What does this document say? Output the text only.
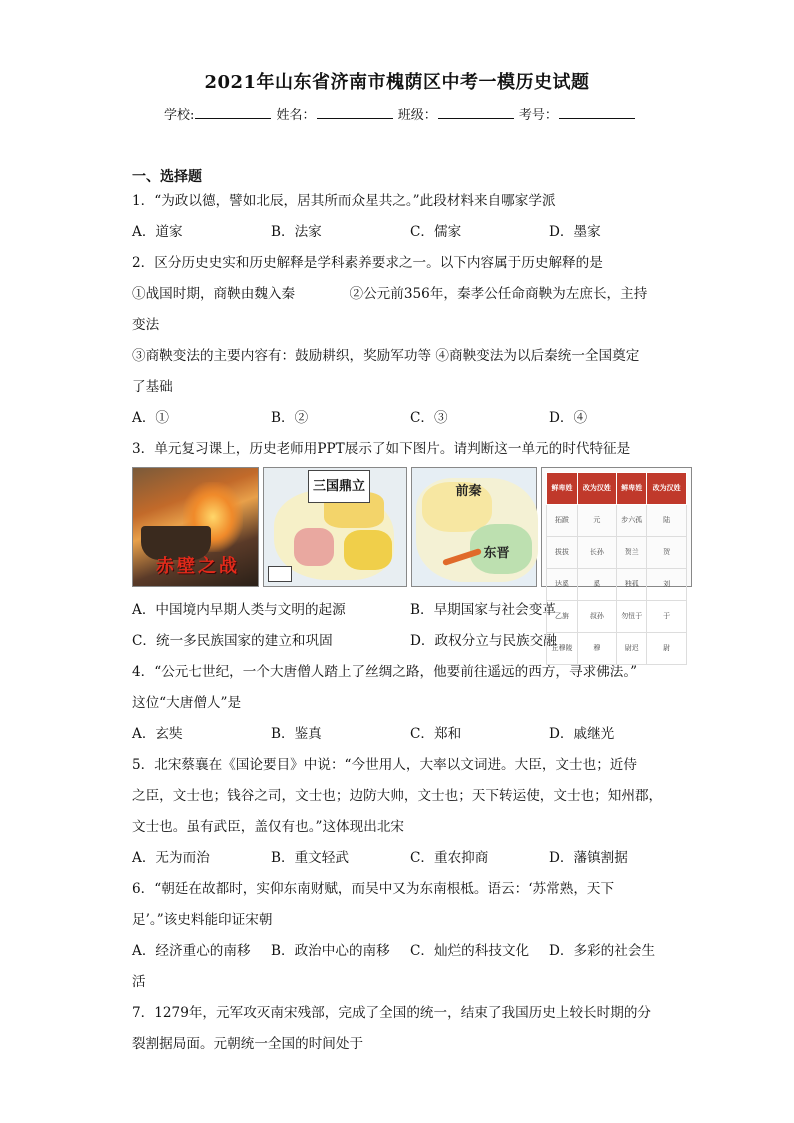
2021年山东省济南市槐荫区中考一模历史试题
学校:	姓名：	班级：	考号：
一、选择题
1．“为政以德，譬如北辰，居其所而众星共之。”此段材料来自哪家学派
A．道家	B．法家	C．儒家	D．墨家
2．区分历史史实和历史解释是学科素养要求之一。以下内容属于历史解释的是
①战国时期，商鞅由魏入秦　　　　②公元前356年，秦孝公任命商鞅为左庶长，主持
变法
③商鞅变法的主要内容有：鼓励耕织，奖励军功等 ④商鞅变法为以后秦统一全国奠定
了基础
A．①	B．②	C．③	D．④
3．单元复习课上，历史老师用PPT展示了如下图片。请判断这一单元的时代特征是
赤壁之战
三国鼎立	前秦
东晋
鲜卑姓	改为汉姓	鲜卑姓	改为汉姓
拓跋	元	步六孤	陆
拔拔	长孙	贺兰	贺
达奚	奚	独孤	刘
乙旃	叔孙	勿忸于	于
丘穆陵	穆	尉迟	尉
A．中国境内早期人类与文明的起源	B．早期国家与社会变革
C．统一多民族国家的建立和巩固	D．政权分立与民族交融
4．“公元七世纪，一个大唐僧人踏上了丝绸之路，他要前往遥远的西方，寻求佛法。”
这位“大唐僧人”是
A．玄奘	B．鉴真	C．郑和	D．戚继光
5．北宋蔡襄在《国论要目》中说：“今世用人，大率以文词进。大臣，文士也；近侍
之臣，文士也；钱谷之司，文士也；边防大帅，文士也；天下转运使，文士也；知州郡，
文士也。虽有武臣，盖仅有也。”这体现出北宋
A．无为而治	B．重文轻武	C．重农抑商	D．藩镇割据
6．“朝廷在故都时，实仰东南财赋，而吴中又为东南根柢。语云：‘苏常熟，天下
足’。”该史料能印证宋朝
A．经济重心的南移	B．政治中心的南移	C．灿烂的科技文化	D．多彩的社会生
活
7．1279年，元军攻灭南宋残部，完成了全国的统一，结束了我国历史上较长时期的分
裂割据局面。元朝统一全国的时间处于
